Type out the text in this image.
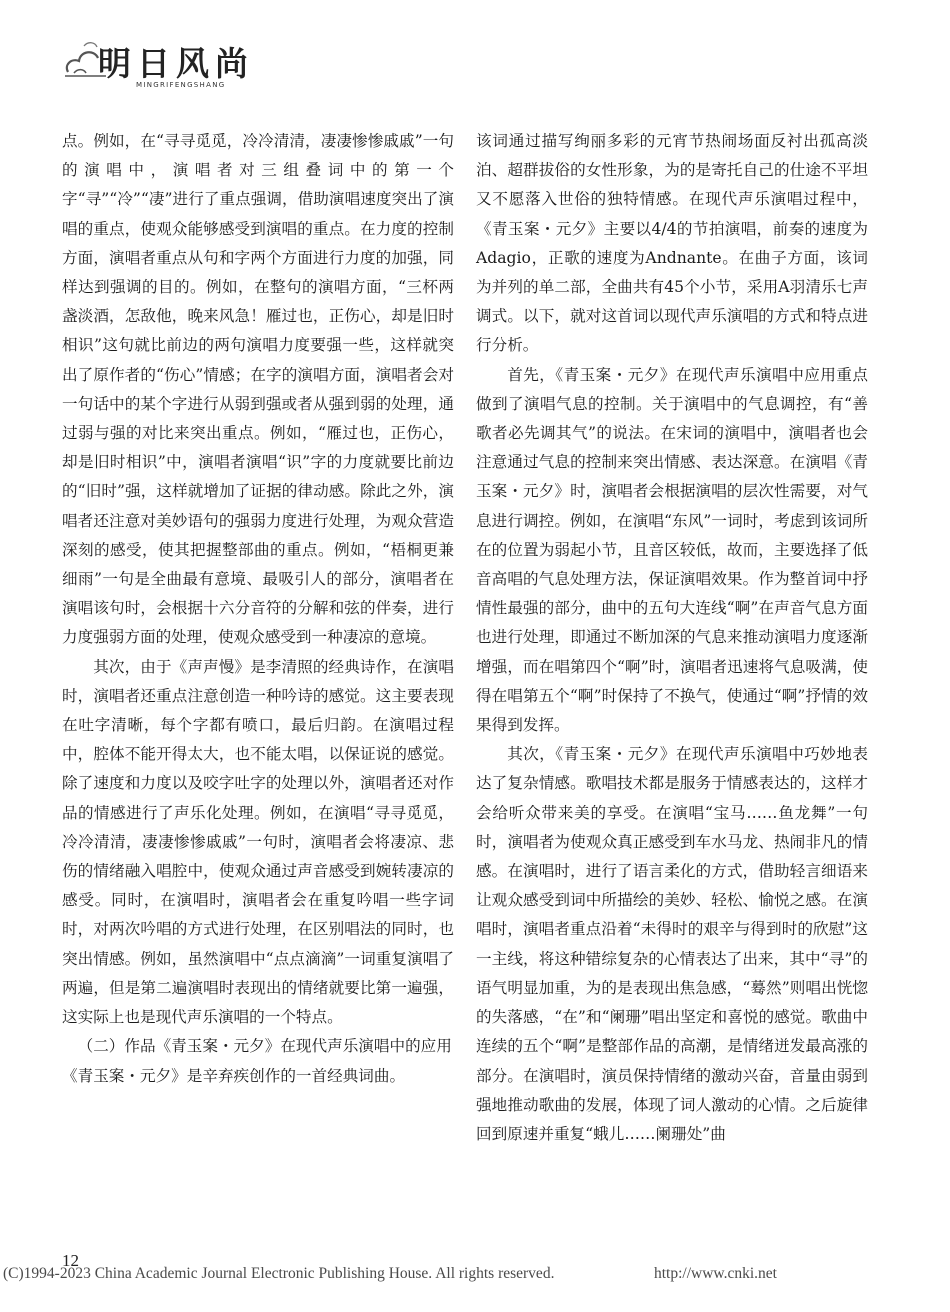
明日风尚
MINGRIFENGSHANG

点。例如，在“寻寻觅觅，冷冷清清，凄凄惨惨戚戚”一句的演唱中，演唱者对三组叠词中的第一个字“寻”“冷”“凄”进行了重点强调，借助演唱速度突出了演唱的重点，使观众能够感受到演唱的重点。在力度的控制方面，演唱者重点从句和字两个方面进行力度的加强，同样达到强调的目的。例如，在整句的演唱方面，“三杯两盏淡酒，怎敌他，晚来风急！雁过也，正伤心，却是旧时相识”这句就比前边的两句演唱力度要强一些，这样就突出了原作者的“伤心”情感；在字的演唱方面，演唱者会对一句话中的某个字进行从弱到强或者从强到弱的处理，通过弱与强的对比来突出重点。例如，“雁过也，正伤心，却是旧时相识”中，演唱者演唱“识”字的力度就要比前边的“旧时”强，这样就增加了证据的律动感。除此之外，演唱者还注意对美妙语句的强弱力度进行处理，为观众营造深刻的感受，使其把握整部曲的重点。例如，“梧桐更兼细雨”一句是全曲最有意境、最吸引人的部分，演唱者在演唱该句时，会根据十六分音符的分解和弦的伴奏，进行力度强弱方面的处理，使观众感受到一种凄凉的意境。

其次，由于《声声慢》是李清照的经典诗作，在演唱时，演唱者还重点注意创造一种吟诗的感觉。这主要表现在吐字清晰，每个字都有喷口，最后归韵。在演唱过程中，腔体不能开得太大，也不能太唱，以保证说的感觉。除了速度和力度以及咬字吐字的处理以外，演唱者还对作品的情感进行了声乐化处理。例如，在演唱“寻寻觅觅，冷冷清清，凄凄惨惨戚戚”一句时，演唱者会将凄凉、悲伤的情绪融入唱腔中，使观众通过声音感受到婉转凄凉的感受。同时，在演唱时，演唱者会在重复吟唱一些字词时，对两次吟唱的方式进行处理，在区别唱法的同时，也突出情感。例如，虽然演唱中“点点滴滴”一词重复演唱了两遍，但是第二遍演唱时表现出的情绪就要比第一遍强，这实际上也是现代声乐演唱的一个特点。

（二）作品《青玉案・元夕》在现代声乐演唱中的应用

《青玉案・元夕》是辛弃疾创作的一首经典词曲。

该词通过描写绚丽多彩的元宵节热闹场面反衬出孤高淡泊、超群拔俗的女性形象，为的是寄托自己的仕途不平坦又不愿落入世俗的独特情感。在现代声乐演唱过程中，《青玉案・元夕》主要以4/4的节拍演唱，前奏的速度为Adagio，正歌的速度为Andnante。在曲子方面，该词为并列的单二部，全曲共有45个小节，采用A羽清乐七声调式。以下，就对这首词以现代声乐演唱的方式和特点进行分析。

首先，《青玉案・元夕》在现代声乐演唱中应用重点做到了演唱气息的控制。关于演唱中的气息调控，有“善歌者必先调其气”的说法。在宋词的演唱中，演唱者也会注意通过气息的控制来突出情感、表达深意。在演唱《青玉案・元夕》时，演唱者会根据演唱的层次性需要，对气息进行调控。例如，在演唱“东风”一词时，考虑到该词所在的位置为弱起小节，且音区较低，故而，主要选择了低音高唱的气息处理方法，保证演唱效果。作为整首词中抒情性最强的部分，曲中的五句大连线“啊”在声音气息方面也进行处理，即通过不断加深的气息来推动演唱力度逐渐增强，而在唱第四个“啊”时，演唱者迅速将气息吸满，使得在唱第五个“啊”时保持了不换气，使通过“啊”抒情的效果得到发挥。

其次，《青玉案・元夕》在现代声乐演唱中巧妙地表达了复杂情感。歌唱技术都是服务于情感表达的，这样才会给听众带来美的享受。在演唱“宝马……鱼龙舞”一句时，演唱者为使观众真正感受到车水马龙、热闹非凡的情感。在演唱时，进行了语言柔化的方式，借助轻言细语来让观众感受到词中所描绘的美妙、轻松、愉悦之感。在演唱时，演唱者重点沿着“未得时的艰辛与得到时的欣慰”这一主线，将这种错综复杂的心情表达了出来，其中“寻”的语气明显加重，为的是表现出焦急感，“蓦然”则唱出恍惚的失落感，“在”和“阑珊”唱出坚定和喜悦的感觉。歌曲中连续的五个“啊”是整部作品的高潮，是情绪迸发最高涨的部分。在演唱时，演员保持情绪的激动兴奋，音量由弱到强地推动歌曲的发展，体现了词人激动的心情。之后旋律回到原速并重复“蛾儿……阑珊处”曲

12
(C)1994-2023 China Academic Journal Electronic Publishing House. All rights reserved.	http://www.cnki.net
